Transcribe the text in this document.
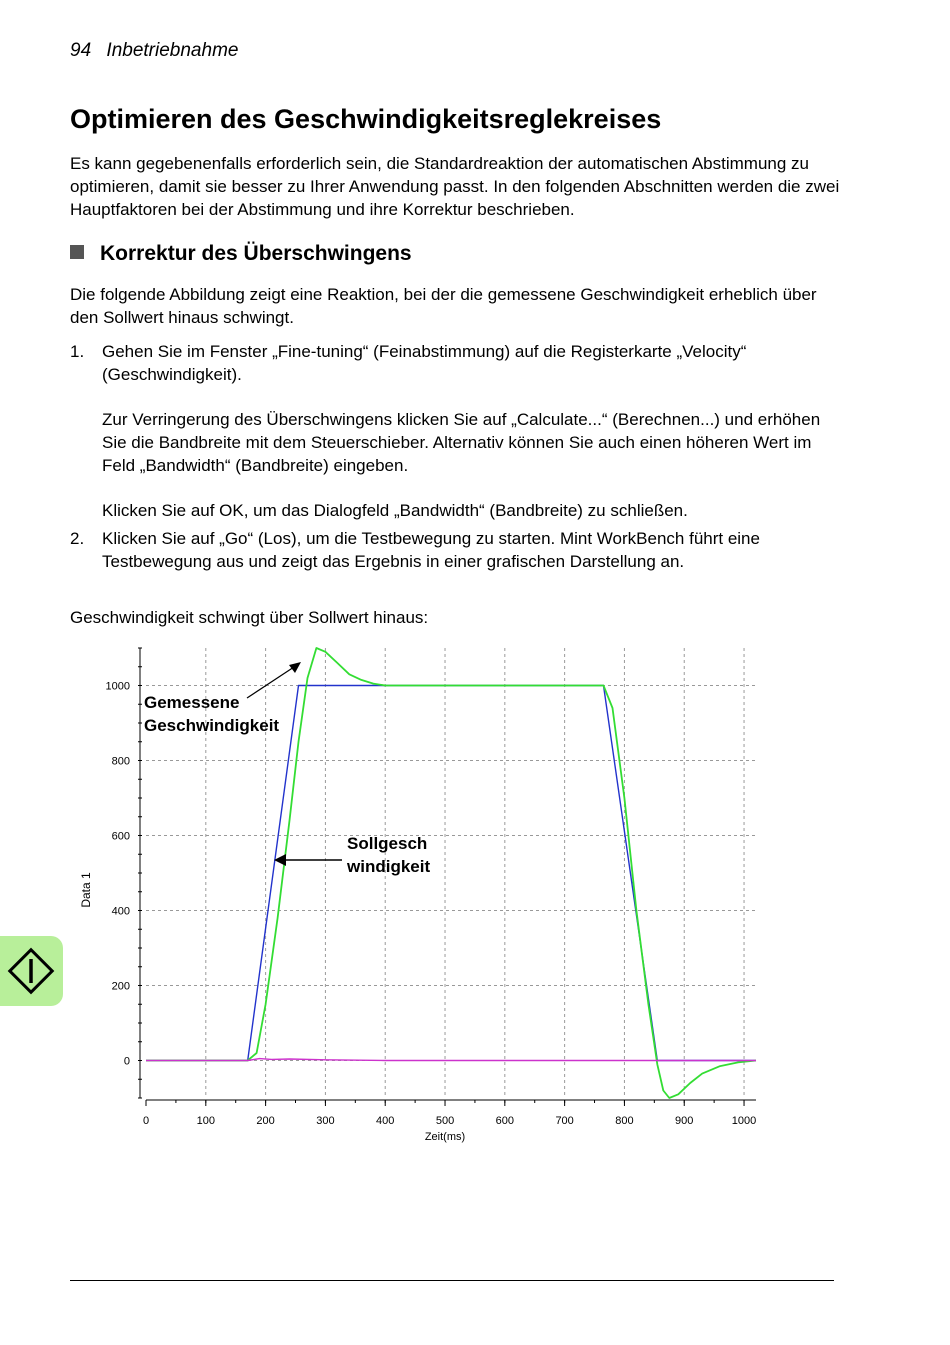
94 Inbetriebnahme
Optimieren des Geschwindigkeitsreglekreises

Es kann gegebenenfalls erforderlich sein, die Standardreaktion der automatischen Abstimmung zu optimieren, damit sie besser zu Ihrer Anwendung passt. In den folgenden Abschnitten werden die zwei Hauptfaktoren bei der Abstimmung und ihre Korrektur beschrieben.

Korrektur des Überschwingens

Die folgende Abbildung zeigt eine Reaktion, bei der die gemessene Geschwindigkeit erheblich über den Sollwert hinaus schwingt.

1. Gehen Sie im Fenster „Fine-tuning“ (Feinabstimmung) auf die Registerkarte „Velocity“ (Geschwindigkeit).

Zur Verringerung des Überschwingens klicken Sie auf „Calculate...“ (Berechnen...) und erhöhen Sie die Bandbreite mit dem Steuerschieber. Alternativ können Sie auch einen höheren Wert im Feld „Bandwidth“ (Bandbreite) eingeben.

Klicken Sie auf OK, um das Dialogfeld „Bandwidth“ (Bandbreite) zu schließen.

2. Klicken Sie auf „Go“ (Los), um die Testbewegung zu starten. Mint WorkBench führt eine Testbewegung aus und zeigt das Ergebnis in einer grafischen Darstellung an.

Geschwindigkeit schwingt über Sollwert hinaus:

0	100	200	300	400	500	600	700	800	900	1000
0
200
400
600
800
1000
Data 1
Zeit(ms)
Gemessene
Geschwindigkeit
Sollgesch
windigkeit
